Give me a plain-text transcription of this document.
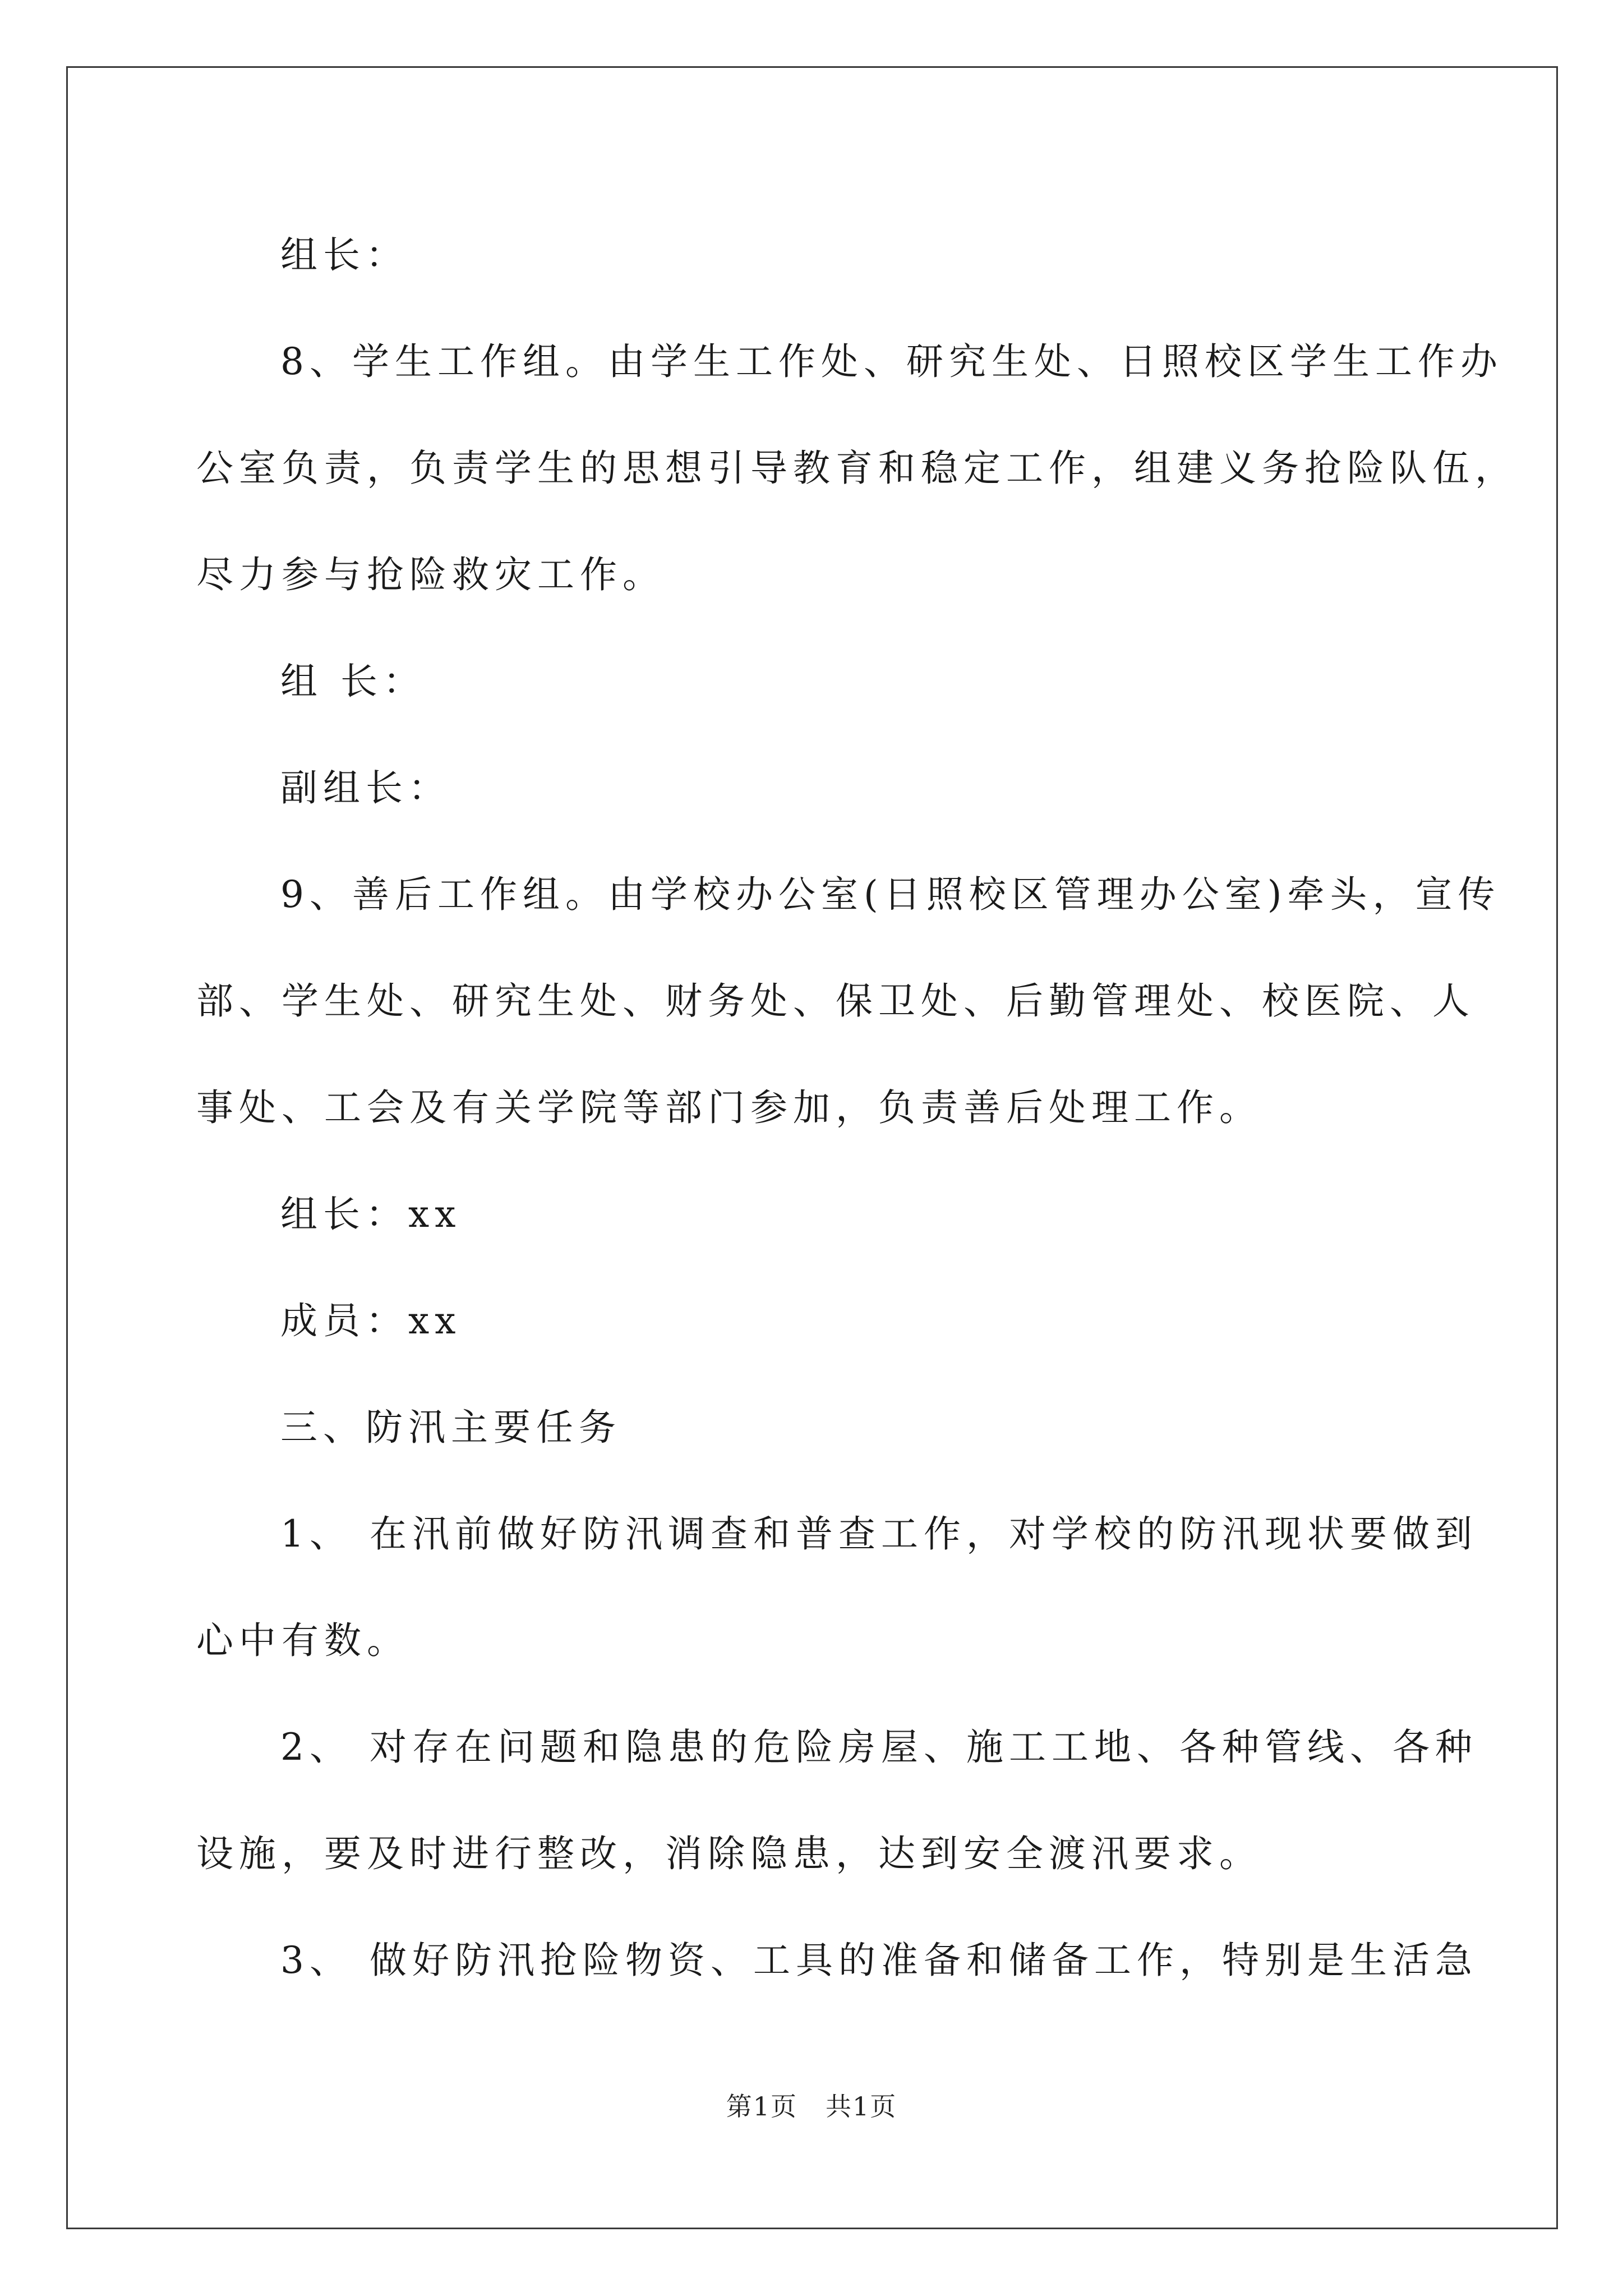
组长：
8、学生工作组。由学生工作处、研究生处、日照校区学生工作办
公室负责，负责学生的思想引导教育和稳定工作，组建义务抢险队伍，
尽力参与抢险救灾工作。
组 长：
副组长：
9、善后工作组。由学校办公室(日照校区管理办公室)牵头，宣传
部、学生处、研究生处、财务处、保卫处、后勤管理处、校医院、人
事处、工会及有关学院等部门参加，负责善后处理工作。
组长：xx
成员：xx
三、防汛主要任务
1、 在汛前做好防汛调查和普查工作，对学校的防汛现状要做到
心中有数。
2、 对存在问题和隐患的危险房屋、施工工地、各种管线、各种
设施，要及时进行整改，消除隐患，达到安全渡汛要求。
3、 做好防汛抢险物资、工具的准备和储备工作，特别是生活急
第1页 共1页
